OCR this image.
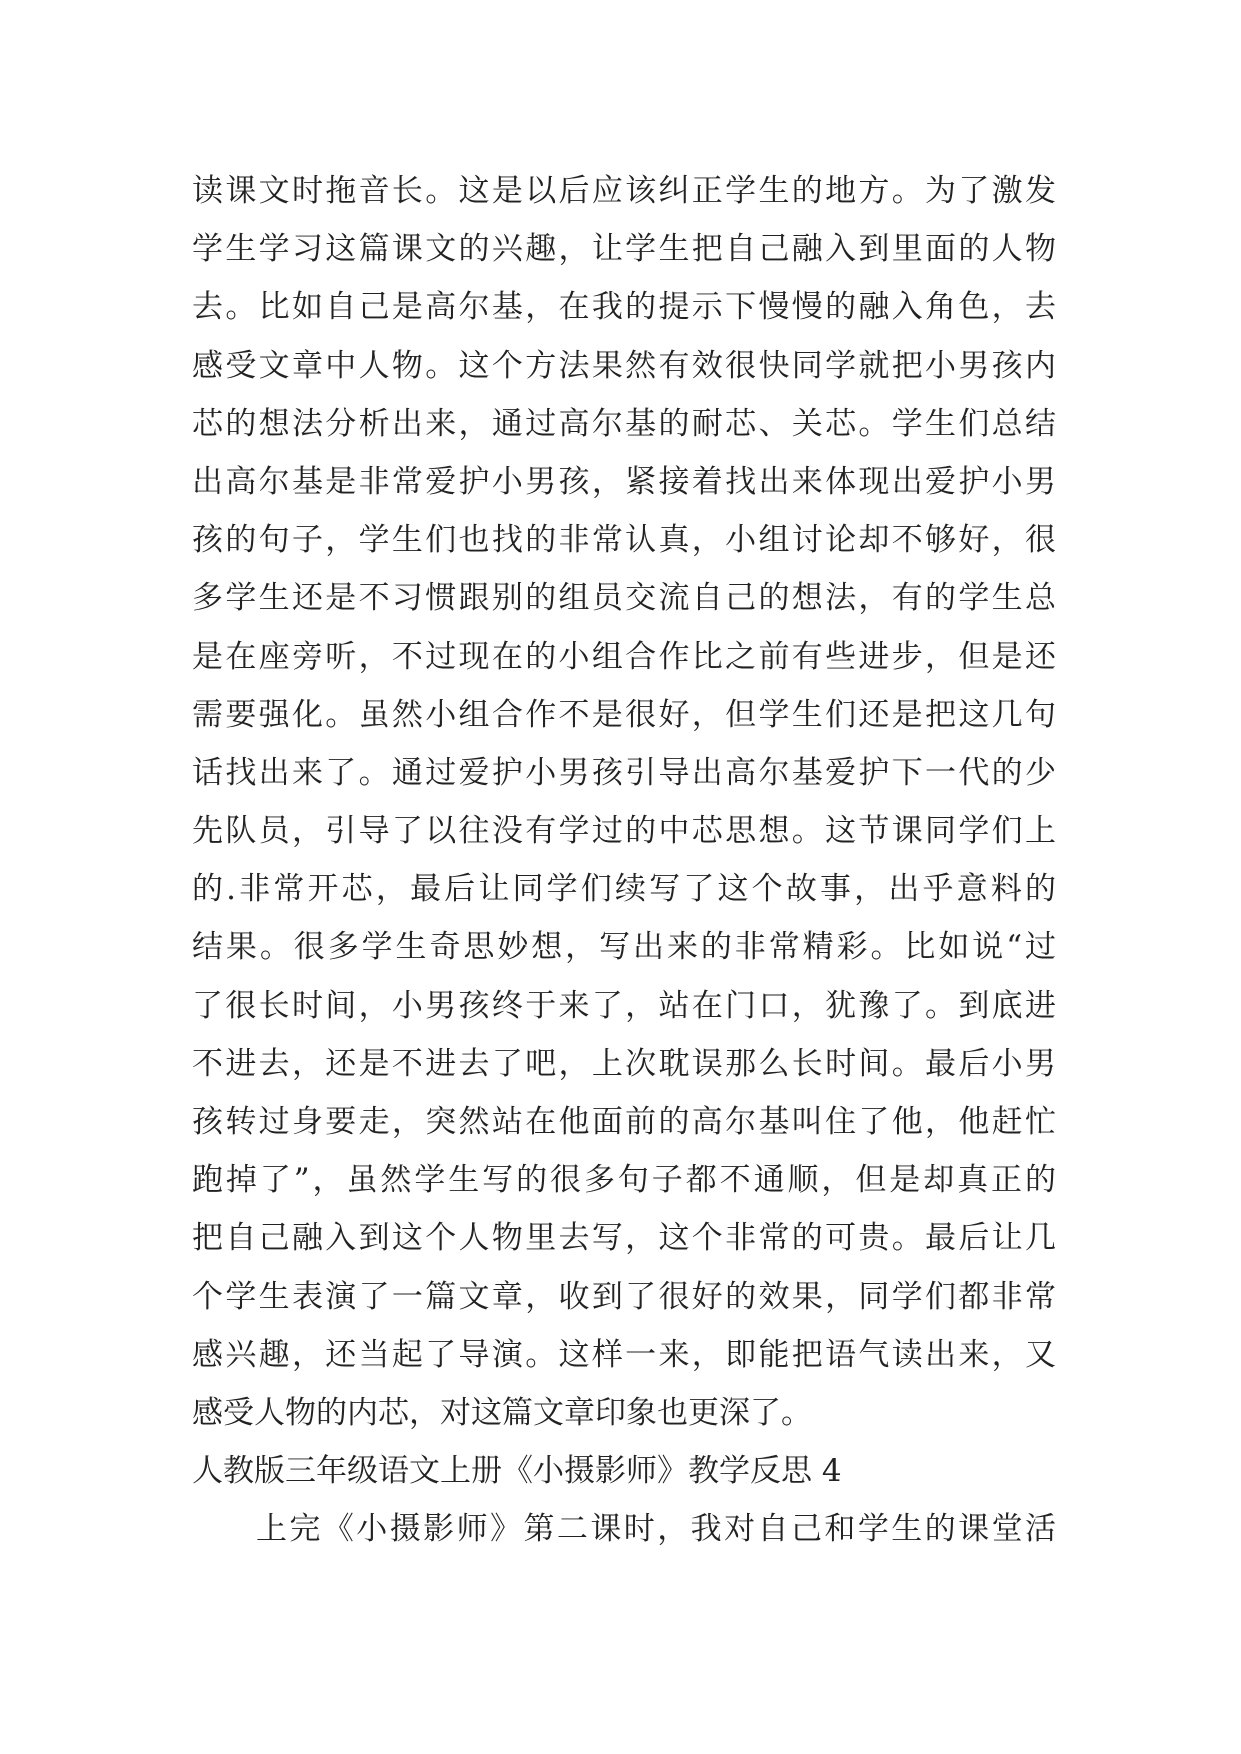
读课文时拖音长。这是以后应该纠正学生的地方。为了激发
学生学习这篇课文的兴趣，让学生把自己融入到里面的人物
去。比如自己是高尔基，在我的提示下慢慢的融入角色，去
感受文章中人物。这个方法果然有效很快同学就把小男孩内
芯的想法分析出来，通过高尔基的耐芯、关芯。学生们总结
出高尔基是非常爱护小男孩，紧接着找出来体现出爱护小男
孩的句子，学生们也找的非常认真，小组讨论却不够好，很
多学生还是不习惯跟别的组员交流自己的想法，有的学生总
是在座旁听，不过现在的小组合作比之前有些进步，但是还
需要强化。虽然小组合作不是很好，但学生们还是把这几句
话找出来了。通过爱护小男孩引导出高尔基爱护下一代的少
先队员，引导了以往没有学过的中芯思想。这节课同学们上
的.非常开芯，最后让同学们续写了这个故事，出乎意料的
结果。很多学生奇思妙想，写出来的非常精彩。比如说“过
了很长时间，小男孩终于来了，站在门口，犹豫了。到底进
不进去，还是不进去了吧，上次耽误那么长时间。最后小男
孩转过身要走，突然站在他面前的高尔基叫住了他，他赶忙
跑掉了”，虽然学生写的很多句子都不通顺，但是却真正的
把自己融入到这个人物里去写，这个非常的可贵。最后让几
个学生表演了一篇文章，收到了很好的效果，同学们都非常
感兴趣，还当起了导演。这样一来，即能把语气读出来，又
感受人物的内芯，对这篇文章印象也更深了。
人教版三年级语文上册《小摄影师》教学反思 4
上完《小摄影师》第二课时，我对自己和学生的课堂活
